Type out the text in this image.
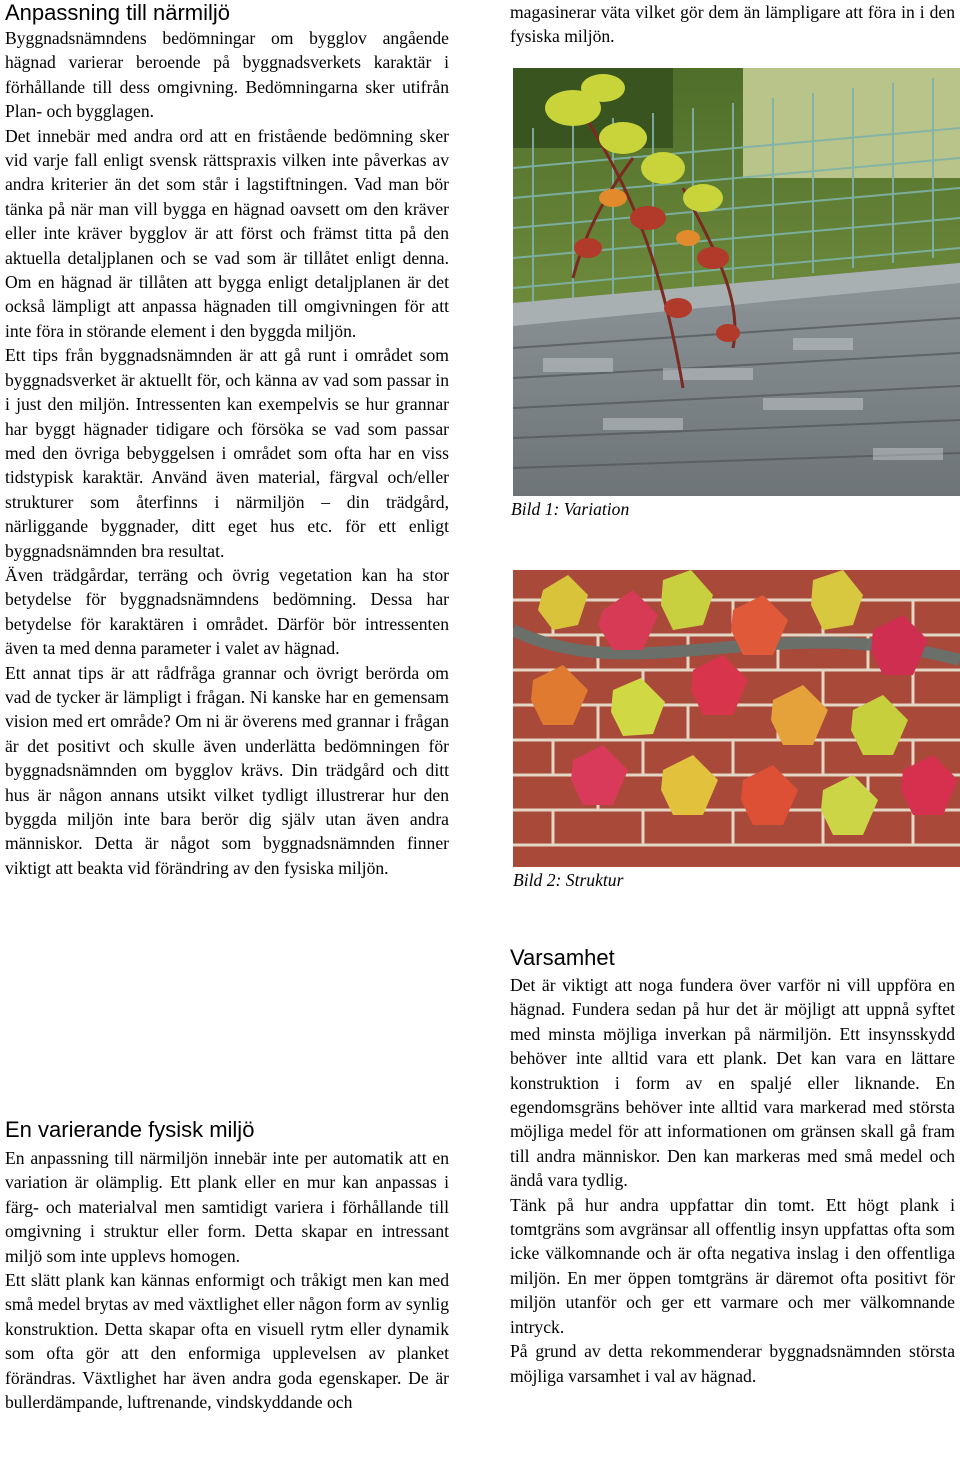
Anpassning till närmiljö

Byggnadsnämndens bedömningar om bygglov angående hägnad varierar beroende på byggnadsverkets karaktär i förhållande till dess omgivning. Bedömningarna sker utifrån Plan- och bygglagen.

Det innebär med andra ord att en fristående bedömning sker vid varje fall enligt svensk rättspraxis vilken inte påverkas av andra kriterier än det som står i lagstiftningen. Vad man bör tänka på när man vill bygga en hägnad oavsett om den kräver eller inte kräver bygglov är att först och främst titta på den aktuella detaljplanen och se vad som är tillåtet enligt denna. Om en hägnad är tillåten att bygga enligt detaljplanen är det också lämpligt att anpassa hägnaden till omgivningen för att inte föra in störande element i den byggda miljön.

Ett tips från byggnadsnämnden är att gå runt i området som byggnadsverket är aktuellt för, och känna av vad som passar in i just den miljön. Intressenten kan exempelvis se hur grannar har byggt hägnader tidigare och försöka se vad som passar med den övriga bebyggelsen i området som ofta har en viss tidstypisk karaktär. Använd även material, färgval och/eller strukturer som återfinns i närmiljön – din trädgård, närliggande byggnader, ditt eget hus etc. för ett enligt byggnadsnämnden bra resultat.

Även trädgårdar, terräng och övrig vegetation kan ha stor betydelse för byggnadsnämndens bedömning. Dessa har betydelse för karaktären i området. Därför bör intressenten även ta med denna parameter i valet av hägnad.

Ett annat tips är att rådfråga grannar och övrigt berörda om vad de tycker är lämpligt i frågan. Ni kanske har en gemensam vision med ert område? Om ni är överens med grannar i frågan är det positivt och skulle även underlätta bedömningen för byggnadsnämnden om bygglov krävs. Din trädgård och ditt hus är någon annans utsikt vilket tydligt illustrerar hur den byggda miljön inte bara berör dig själv utan även andra människor. Detta är något som byggnadsnämnden finner viktigt att beakta vid förändring av den fysiska miljön.

En varierande fysisk miljö

En anpassning till närmiljön innebär inte per automatik att en variation är olämplig. Ett plank eller en mur kan anpassas i färg- och materialval men samtidigt variera i förhållande till omgivning i struktur eller form. Detta skapar en intressant miljö som inte upplevs homogen.

Ett slätt plank kan kännas enformigt och tråkigt men kan med små medel brytas av med växtlighet eller någon form av synlig konstruktion. Detta skapar ofta en visuell rytm eller dynamik som ofta gör att den enformiga upplevelsen av planket förändras. Växtlighet har även andra goda egenskaper. De är bullerdämpande, luftrenande, vindskyddande och

magasinerar väta vilket gör dem än lämpligare att föra in i den fysiska miljön.

Bild 1: Variation
Bild 2: Struktur
Varsamhet

Det är viktigt att noga fundera över varför ni vill uppföra en hägnad. Fundera sedan på hur det är möjligt att uppnå syftet med minsta möjliga inverkan på närmiljön. Ett insynsskydd behöver inte alltid vara ett plank. Det kan vara en lättare konstruktion i form av en spaljé eller liknande. En egendomsgräns behöver inte alltid vara markerad med största möjliga medel för att informationen om gränsen skall gå fram till andra människor. Den kan markeras med små medel och ändå vara tydlig.

Tänk på hur andra uppfattar din tomt. Ett högt plank i tomtgräns som avgränsar all offentlig insyn uppfattas ofta som icke välkomnande och är ofta negativa inslag i den offentliga miljön. En mer öppen tomtgräns är däremot ofta positivt för miljön utanför och ger ett varmare och mer välkomnande intryck.

På grund av detta rekommenderar byggnadsnämnden största möjliga varsamhet i val av hägnad.
